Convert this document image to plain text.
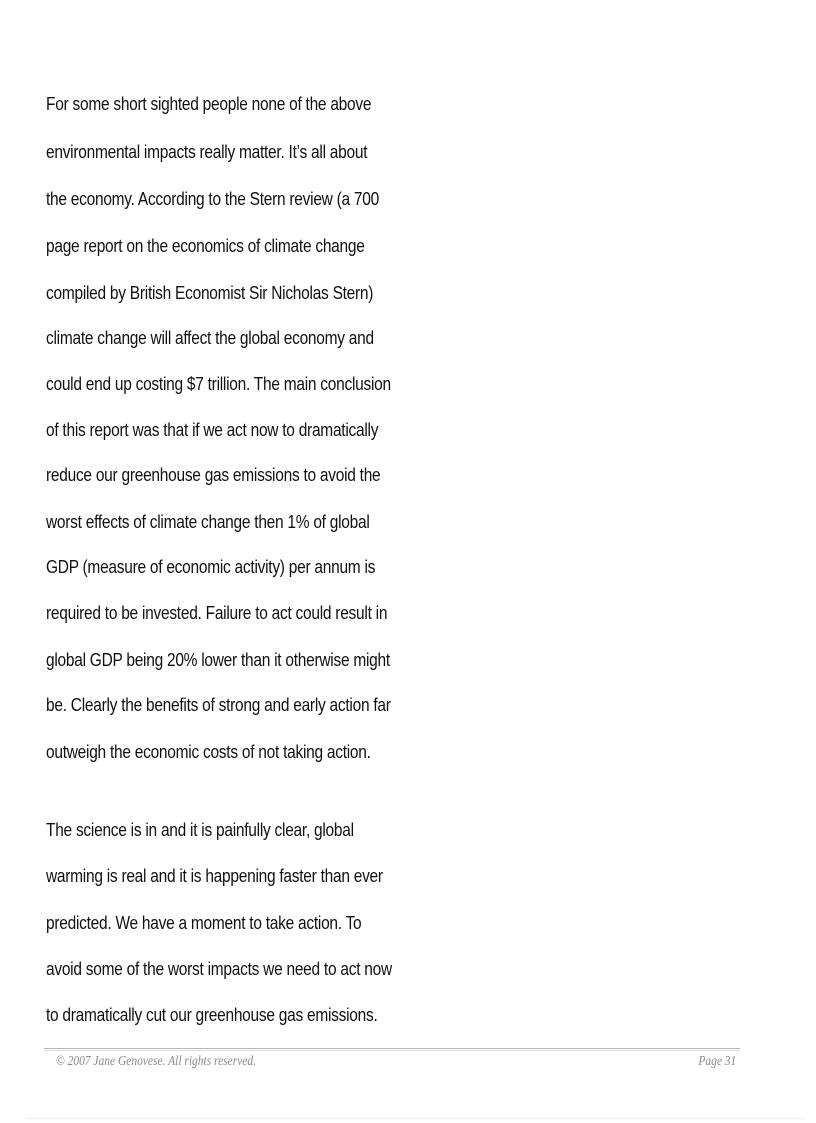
For some short sighted people none of the above
environmental impacts really matter. It’s all about
the economy. According to the Stern review (a 700
page report on the economics of climate change
compiled by British Economist Sir Nicholas Stern)
climate change will affect the global economy and
could end up costing $7 trillion. The main conclusion
of this report was that if we act now to dramatically
reduce our greenhouse gas emissions to avoid the
worst effects of climate change then 1% of global
GDP (measure of economic activity) per annum is
required to be invested. Failure to act could result in
global GDP being 20% lower than it otherwise might
be. Clearly the benefits of strong and early action far
outweigh the economic costs of not taking action.
The science is in and it is painfully clear, global
warming is real and it is happening faster than ever
predicted. We have a moment to take action. To
avoid some of the worst impacts we need to act now
to dramatically cut our greenhouse gas emissions.
© 2007 Jane Genovese. All rights reserved.	Page 31
